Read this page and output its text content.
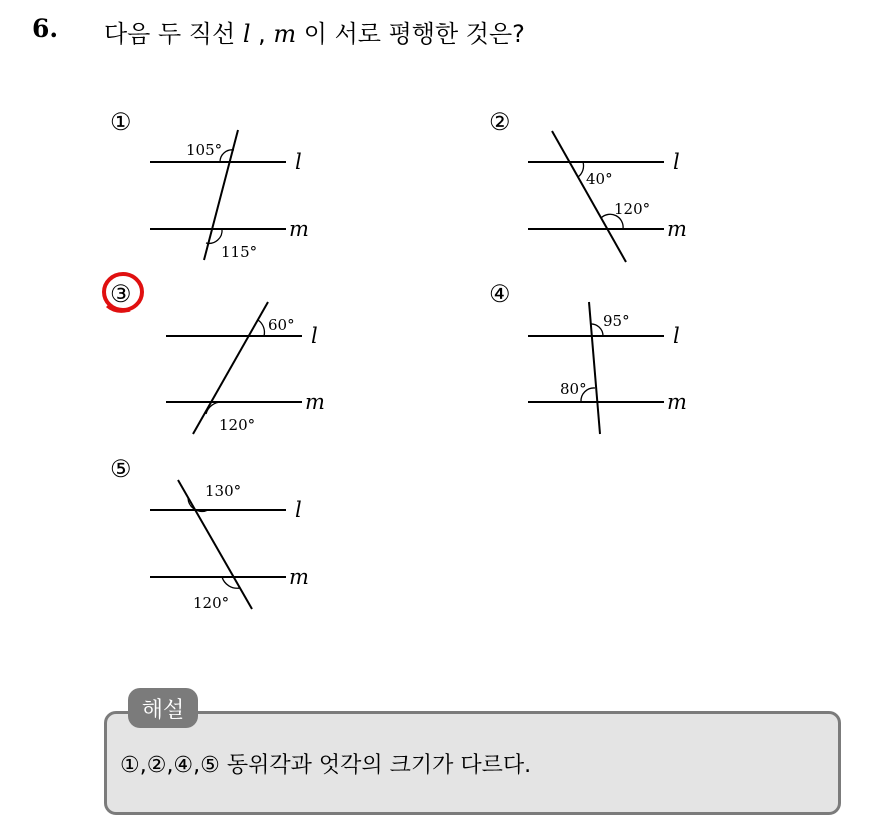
6. 다음 두 직선 l , m 이 서로 평행한 것은?
①	②
③	④
⑤
105°
115°
l
m
40°
120°
l
m
60°
120°
l
m
95°
80°
l
m
130°
120°
l
m
해설
①,②,④,⑤ 동위각과 엇각의 크기가 다르다.
